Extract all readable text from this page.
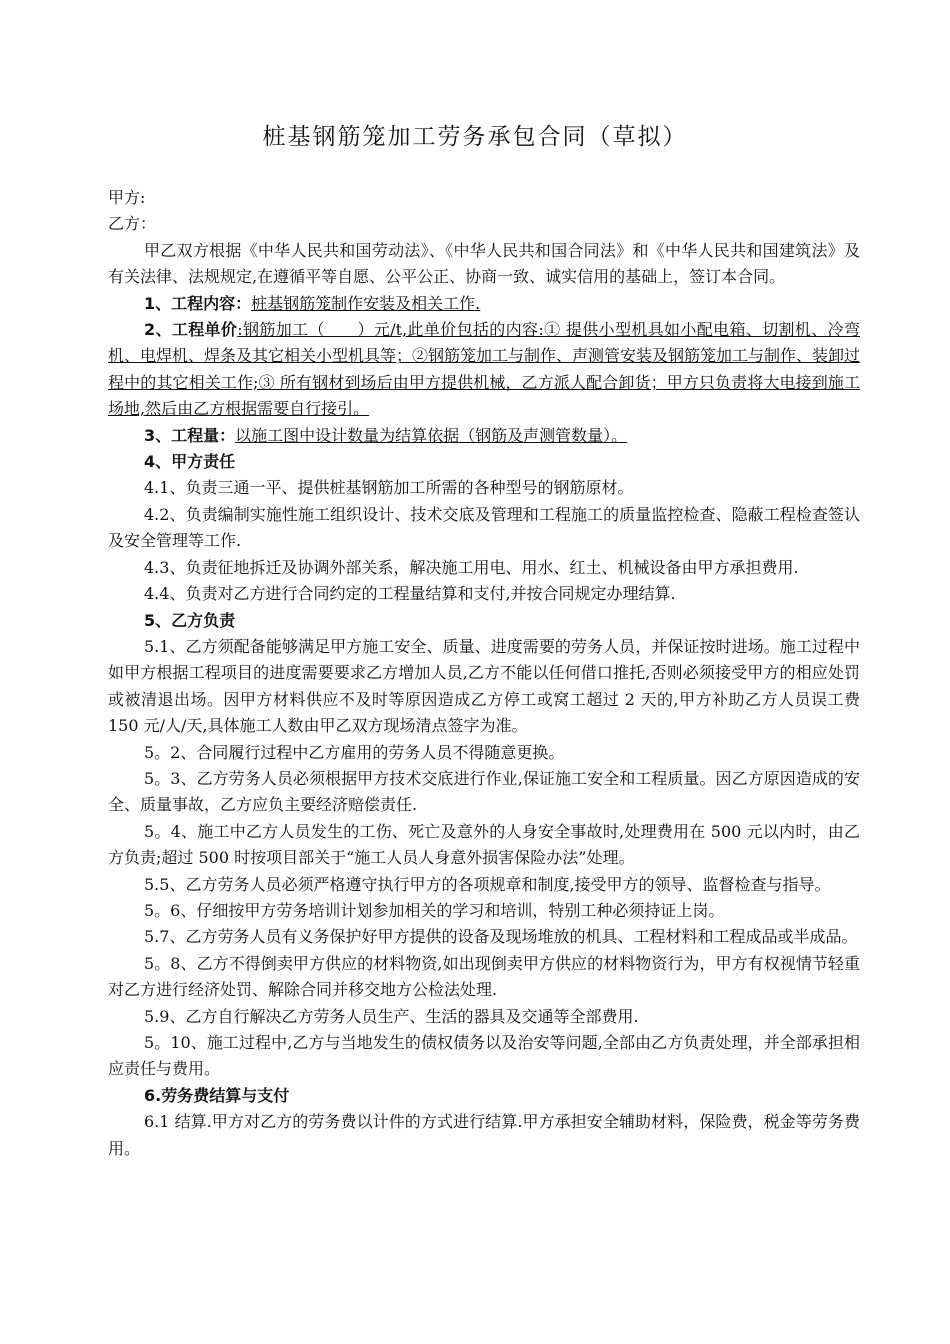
桩基钢筋笼加工劳务承包合同（草拟）

甲方:

乙方：

甲乙双方根据《中华人民共和国劳动法》、《中华人民共和国合同法》和《中华人民共和国建筑法》及有关法律、法规规定,在遵循平等自愿、公平公正、协商一致、诚实信用的基础上，签订本合同。

1、工程内容：桩基钢筋笼制作安装及相关工作.

2、工程单价:钢筋加工（　　）元/t,此单价包括的内容:① 提供小型机具如小配电箱、切割机、冷弯机、电焊机、焊条及其它相关小型机具等；②钢筋笼加工与制作、声测管安装及钢筋笼加工与制作、装卸过程中的其它相关工作;③ 所有钢材到场后由甲方提供机械，乙方派人配合卸货；甲方只负责将大电接到施工场地,然后由乙方根据需要自行接引。

3、工程量：以施工图中设计数量为结算依据（钢筋及声测管数量）。

4、甲方责任

4.1、负责三通一平、提供桩基钢筋加工所需的各种型号的钢筋原材。

4.2、负责编制实施性施工组织设计、技术交底及管理和工程施工的质量监控检查、隐蔽工程检查签认及安全管理等工作.

4.3、负责征地拆迁及协调外部关系，解决施工用电、用水、红土、机械设备由甲方承担费用.

4.4、负责对乙方进行合同约定的工程量结算和支付,并按合同规定办理结算.

5、乙方负责

5.1、乙方须配备能够满足甲方施工安全、质量、进度需要的劳务人员，并保证按时进场。施工过程中如甲方根据工程项目的进度需要要求乙方增加人员,乙方不能以任何借口推托,否则必须接受甲方的相应处罚或被清退出场。因甲方材料供应不及时等原因造成乙方停工或窝工超过 2 天的,甲方补助乙方人员误工费 150 元/人/天,具体施工人数由甲乙双方现场清点签字为准。

5。2、合同履行过程中乙方雇用的劳务人员不得随意更换。

5。3、乙方劳务人员必须根据甲方技术交底进行作业,保证施工安全和工程质量。因乙方原因造成的安全、质量事故，乙方应负主要经济赔偿责任.

5。4、施工中乙方人员发生的工伤、死亡及意外的人身安全事故时,处理费用在 500 元以内时，由乙方负责;超过 500 时按项目部关于“施工人员人身意外损害保险办法”处理。

5.5、乙方劳务人员必须严格遵守执行甲方的各项规章和制度,接受甲方的领导、监督检查与指导。

5。6、仔细按甲方劳务培训计划参加相关的学习和培训，特别工种必须持证上岗。

5.7、乙方劳务人员有义务保护好甲方提供的设备及现场堆放的机具、工程材料和工程成品或半成品。

5。8、乙方不得倒卖甲方供应的材料物资,如出现倒卖甲方供应的材料物资行为，甲方有权视情节轻重对乙方进行经济处罚、解除合同并移交地方公检法处理.

5.9、乙方自行解决乙方劳务人员生产、生活的器具及交通等全部费用.

5。10、施工过程中,乙方与当地发生的债权债务以及治安等问题,全部由乙方负责处理，并全部承担相应责任与费用。

6.劳务费结算与支付

6.1 结算.甲方对乙方的劳务费以计件的方式进行结算.甲方承担安全辅助材料，保险费，税金等劳务费用。
